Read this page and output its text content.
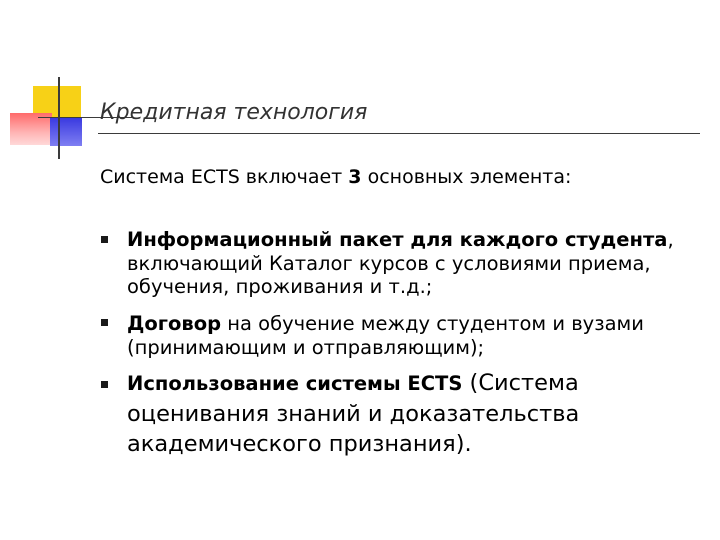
Кредитная технология
Система ECTS включает 3 основных элемента:
Информационный пакет для каждого студента, включающий Каталог курсов с условиями приема, обучения, проживания и т.д.;
Договор на обучение между студентом и вузами (принимающим и отправляющим);
Использование системы ECTS (Система оценивания знаний и доказательства академического признания).
